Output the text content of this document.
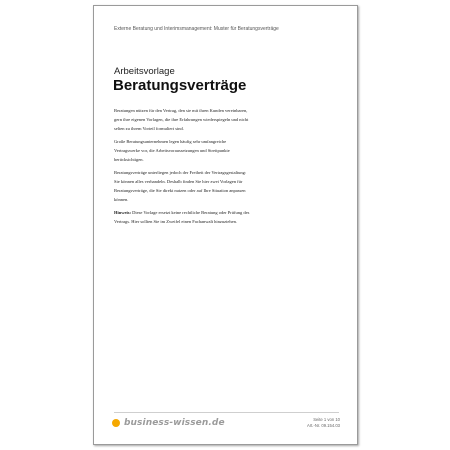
Externe Beratung und Interimsmanagement: Muster für Beratungsverträge
Arbeitsvorlage
Beratungsverträge

Beratungen nützen für den Vertrag, den sie mit ihren Kunden vereinbaren,
gern ihre eigenen Vorlagen, die ihre Erfahrungen wiederspiegeln und nicht
selten zu ihrem Vorteil formuliert sind.

Große Beratungsunternehmen legen häufig sehr umfangreiche
Vertragswerke vor, die Arbeitsvoraussetzungen und Streitpunkte
berücksichtigen.

Beratungsverträge unterliegen jedoch der Freiheit der Vertragsgestaltung:
Sie können alles verhandeln. Deshalb finden Sie hier zwei Vorlagen für
Beratungsverträge, die Sie direkt nutzen oder auf Ihre Situation anpassen
können.

Hinweis: Diese Vorlage ersetzt keine rechtliche Beratung oder Prüfung des
Vertrags. Hier sollten Sie im Zweifel einen Fachanwalt hinzuziehen.

business-wissen.de	Seite 1 von 10
Art.-Nr. 09.154.03
